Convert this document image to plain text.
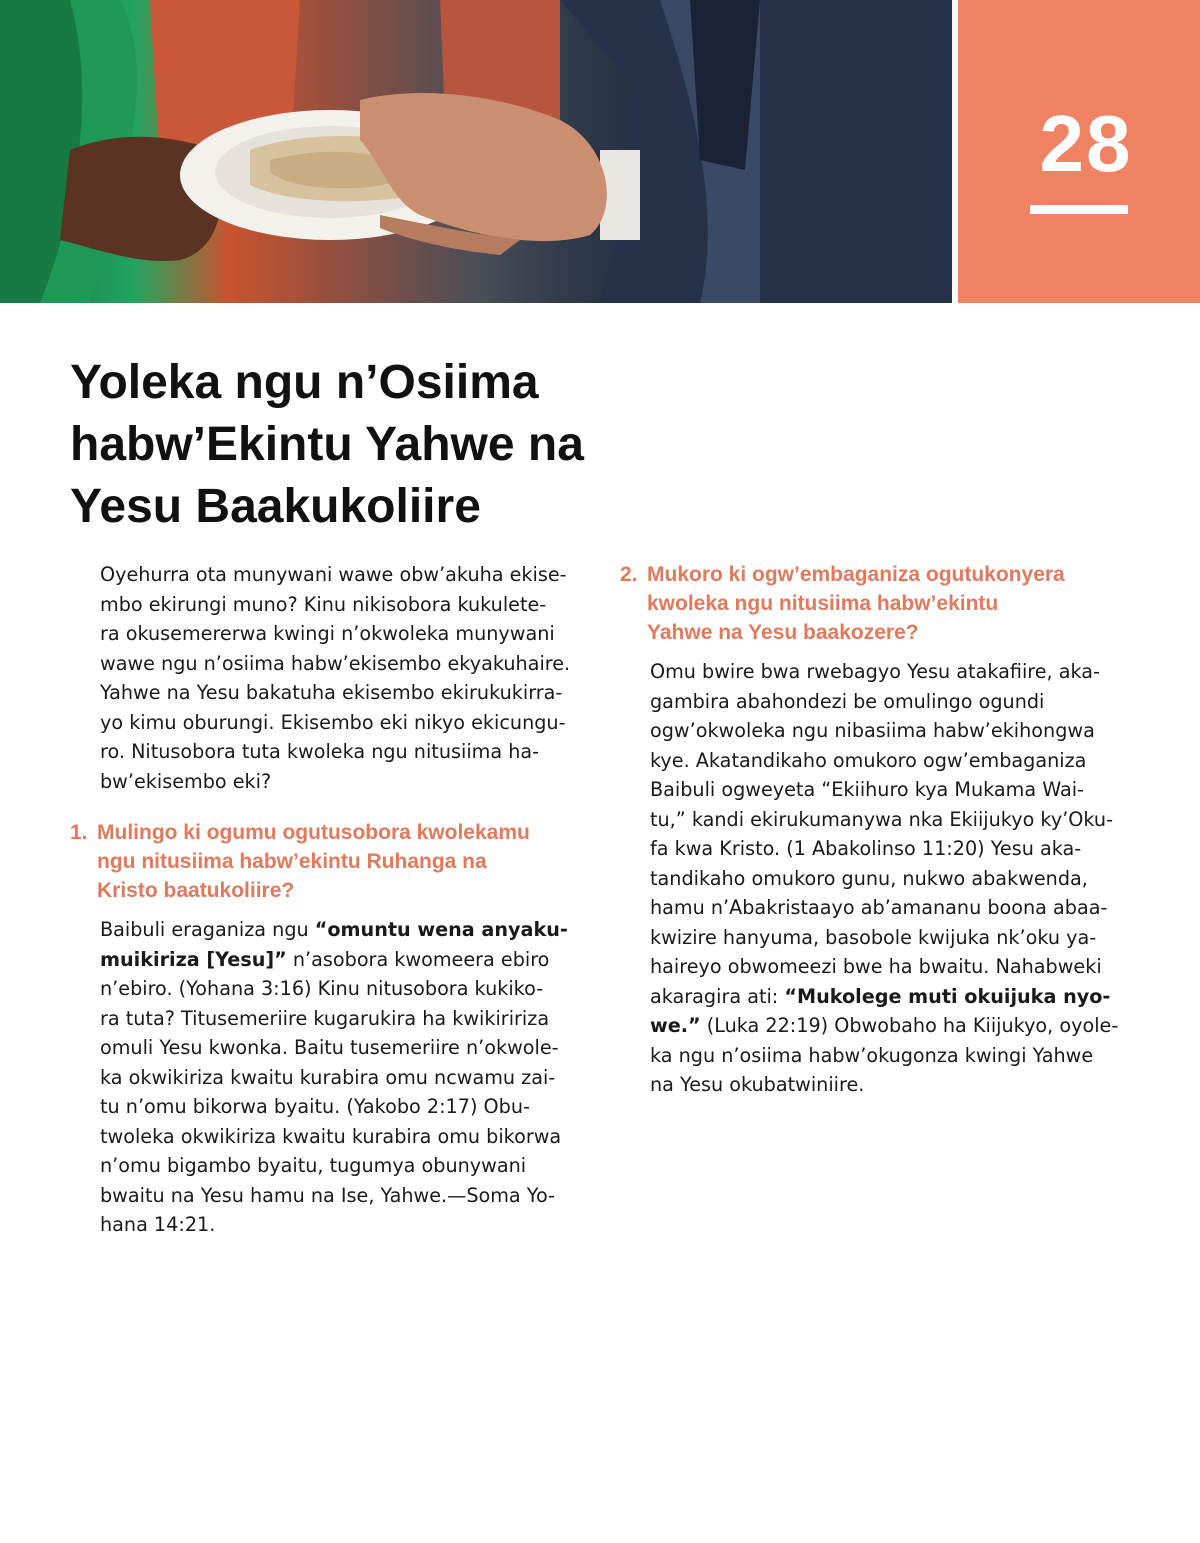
28
Yoleka ngu n’Osiima
habw’Ekintu Yahwe na
Yesu Baakukoliire
Oyehurra ota munywani wawe obw’akuha ekise-
mbo ekirungi muno? Kinu nikisobora kukulete-
ra okusemererwa kwingi n’okwoleka munywani
wawe ngu n’osiima habw’ekisembo ekyakuhaire.
Yahwe na Yesu bakatuha ekisembo ekirukukirra-
yo kimu oburungi. Ekisembo eki nikyo ekicungu-
ro. Nitusobora tuta kwoleka ngu nitusiima ha-
bw’ekisembo eki?
1. Mulingo ki ogumu ogutusobora kwolekamu
ngu nitusiima habw’ekintu Ruhanga na
Kristo baatukoliire?
Baibuli eraganiza ngu “omuntu wena anyaku-
muikiriza [Yesu]” n’asobora kwomeera ebiro
n’ebiro. (Yohana 3:16) Kinu nitusobora kukiko-
ra tuta? Titusemeriire kugarukira ha kwikiririza
omuli Yesu kwonka. Baitu tusemeriire n’okwole-
ka okwikiriza kwaitu kurabira omu ncwamu zai-
tu n’omu bikorwa byaitu. (Yakobo 2:17) Obu-
twoleka okwikiriza kwaitu kurabira omu bikorwa
n’omu bigambo byaitu, tugumya obunywani
bwaitu na Yesu hamu na Ise, Yahwe.—Soma Yo-
hana 14:21.
2. Mukoro ki ogw’embaganiza ogutukonyera
kwoleka ngu nitusiima habw’ekintu
Yahwe na Yesu baakozere?
Omu bwire bwa rwebagyo Yesu atakafiire, aka-
gambira abahondezi be omulingo ogundi
ogw’okwoleka ngu nibasiima habw’ekihongwa
kye. Akatandikaho omukoro ogw’embaganiza
Baibuli ogweyeta “Ekiihuro kya Mukama Wai-
tu,” kandi ekirukumanywa nka Ekiijukyo ky’Oku-
fa kwa Kristo. (1 Abakolinso 11:20) Yesu aka-
tandikaho omukoro gunu, nukwo abakwenda,
hamu n’Abakristaayo ab’amananu boona abaa-
kwizire hanyuma, basobole kwijuka nk’oku ya-
haireyo obwomeezi bwe ha bwaitu. Nahabweki
akaragira ati: “Mukolege muti okuijuka nyo-
we.” (Luka 22:19) Obwobaho ha Kiijukyo, oyole-
ka ngu n’osiima habw’okugonza kwingi Yahwe
na Yesu okubatwiniire.
